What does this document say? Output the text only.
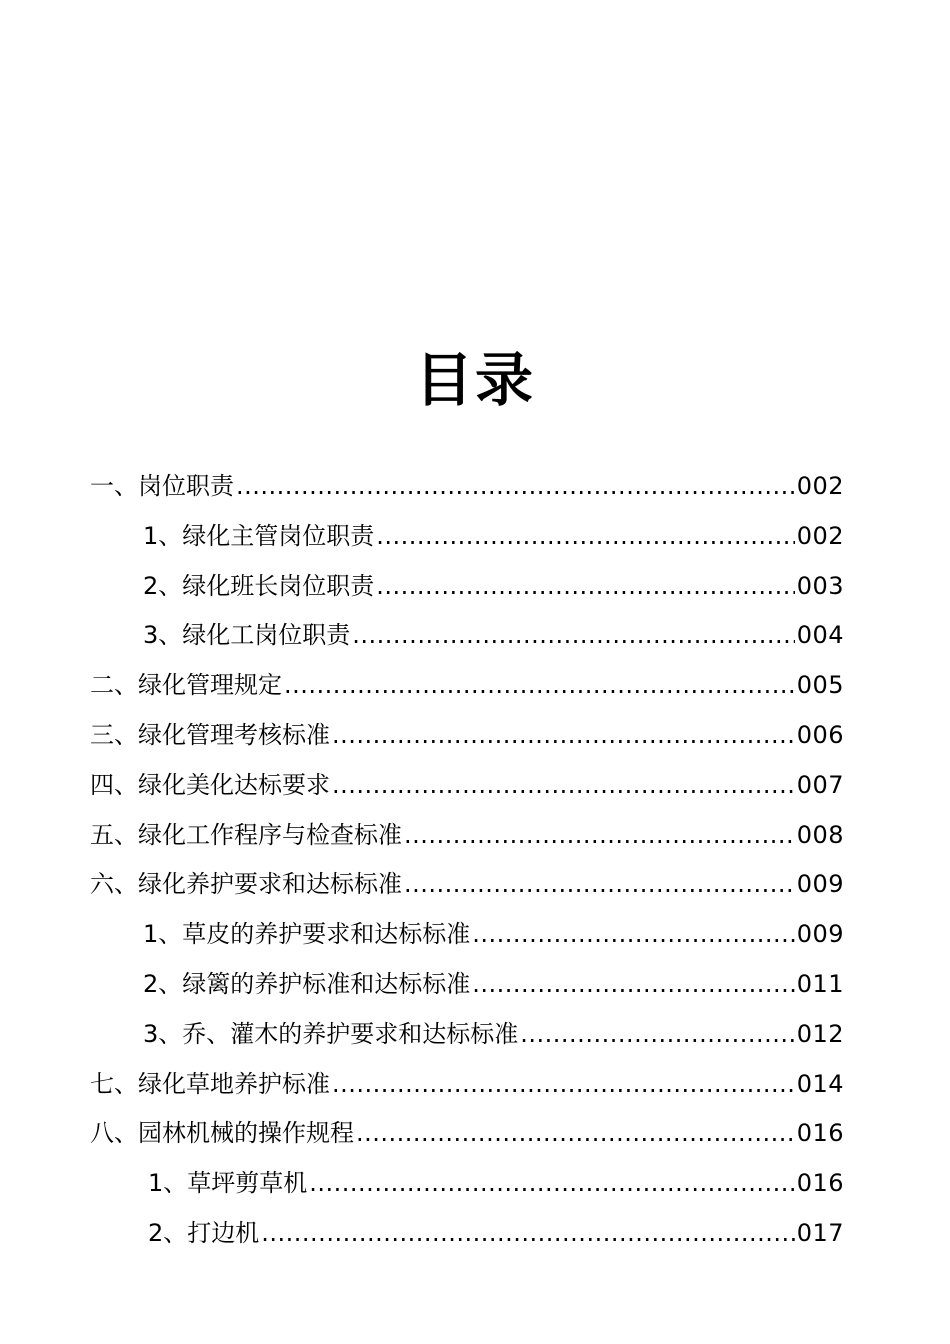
目录
一、岗位职责 .....	002
1、绿化主管岗位职责 .....	002
2、绿化班长岗位职责 .....	003
3、绿化工岗位职责 .....	004
二、绿化管理规定 .....	005
三、绿化管理考核标准 .....	006
四、绿化美化达标要求 .....	007
五、绿化工作程序与检查标准 .....	008
六、绿化养护要求和达标标准 .....	009
1、草皮的养护要求和达标标准 .....	009
2、绿篱的养护标准和达标标准 .....	011
3、乔、灌木的养护要求和达标标准 .....	012
七、绿化草地养护标准 .....	014
八、园林机械的操作规程 .....	016
1、草坪剪草机 .....	016
2、打边机 .....	017
